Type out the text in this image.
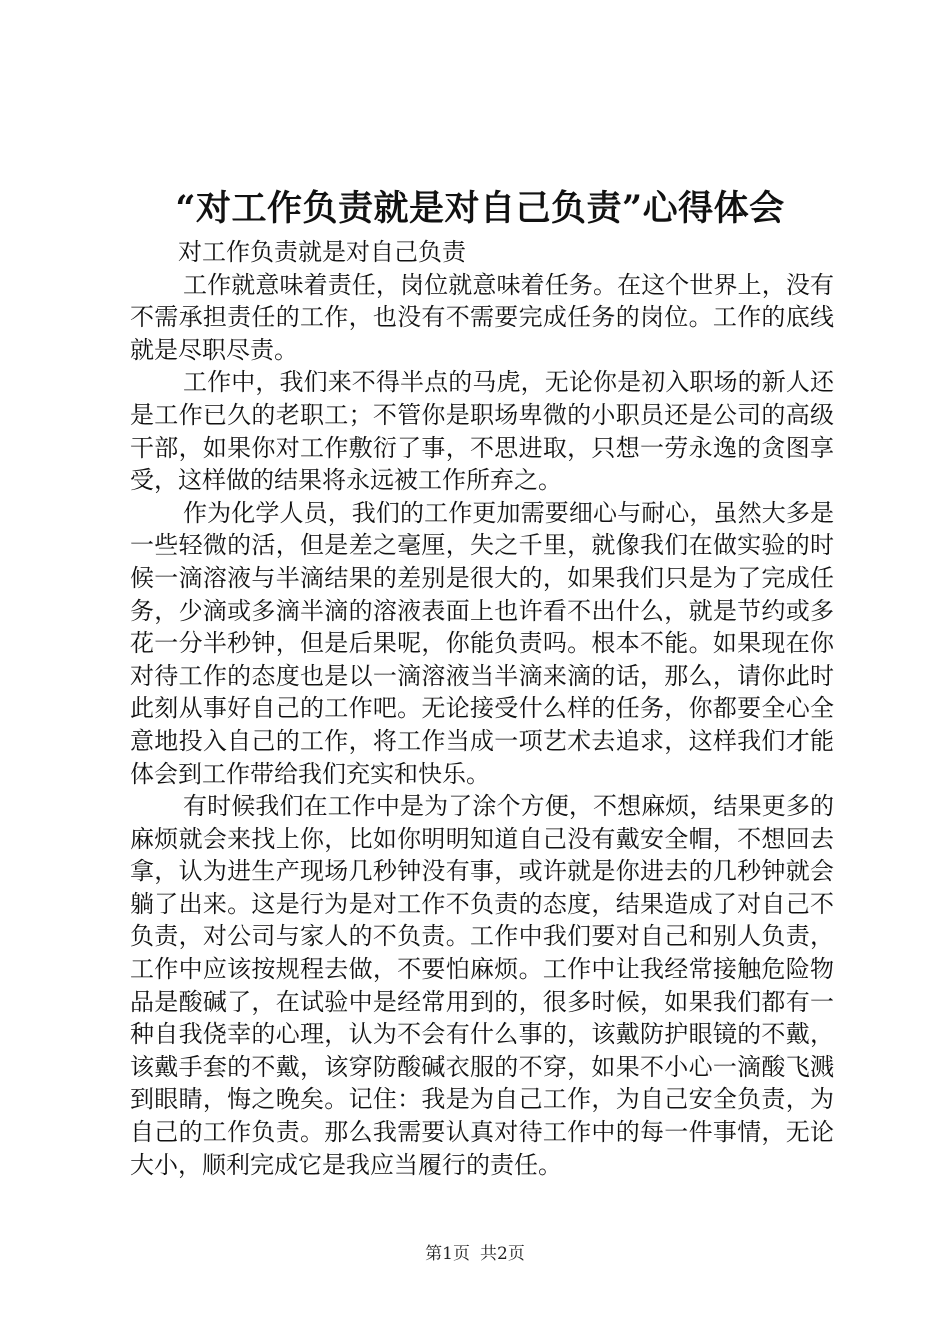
“对工作负责就是对自己负责”心得体会

对工作负责就是对自己负责

工作就意味着责任，岗位就意味着任务。在这个世界上，没有不需承担责任的工作，也没有不需要完成任务的岗位。工作的底线就是尽职尽责。

工作中，我们来不得半点的马虎，无论你是初入职场的新人还是工作已久的老职工；不管你是职场卑微的小职员还是公司的高级干部，如果你对工作敷衍了事，不思进取，只想一劳永逸的贪图享受，这样做的结果将永远被工作所弃之。

作为化学人员，我们的工作更加需要细心与耐心，虽然大多是一些轻微的活，但是差之毫厘，失之千里，就像我们在做实验的时候一滴溶液与半滴结果的差别是很大的，如果我们只是为了完成任务，少滴或多滴半滴的溶液表面上也许看不出什么，就是节约或多花一分半秒钟，但是后果呢，你能负责吗。根本不能。如果现在你对待工作的态度也是以一滴溶液当半滴来滴的话，那么，请你此时此刻从事好自己的工作吧。无论接受什么样的任务，你都要全心全意地投入自己的工作，将工作当成一项艺术去追求，这样我们才能体会到工作带给我们充实和快乐。

有时候我们在工作中是为了涂个方便，不想麻烦，结果更多的麻烦就会来找上你，比如你明明知道自己没有戴安全帽，不想回去拿，认为进生产现场几秒钟没有事，或许就是你进去的几秒钟就会躺了出来。这是行为是对工作不负责的态度，结果造成了对自己不负责，对公司与家人的不负责。工作中我们要对自己和别人负责，工作中应该按规程去做，不要怕麻烦。工作中让我经常接触危险物品是酸碱了，在试验中是经常用到的，很多时候，如果我们都有一种自我侥幸的心理，认为不会有什么事的，该戴防护眼镜的不戴，该戴手套的不戴，该穿防酸碱衣服的不穿，如果不小心一滴酸飞溅到眼睛，悔之晚矣。记住：我是为自己工作，为自己安全负责，为自己的工作负责。那么我需要认真对待工作中的每一件事情，无论大小，顺利完成它是我应当履行的责任。

第1页 共2页
